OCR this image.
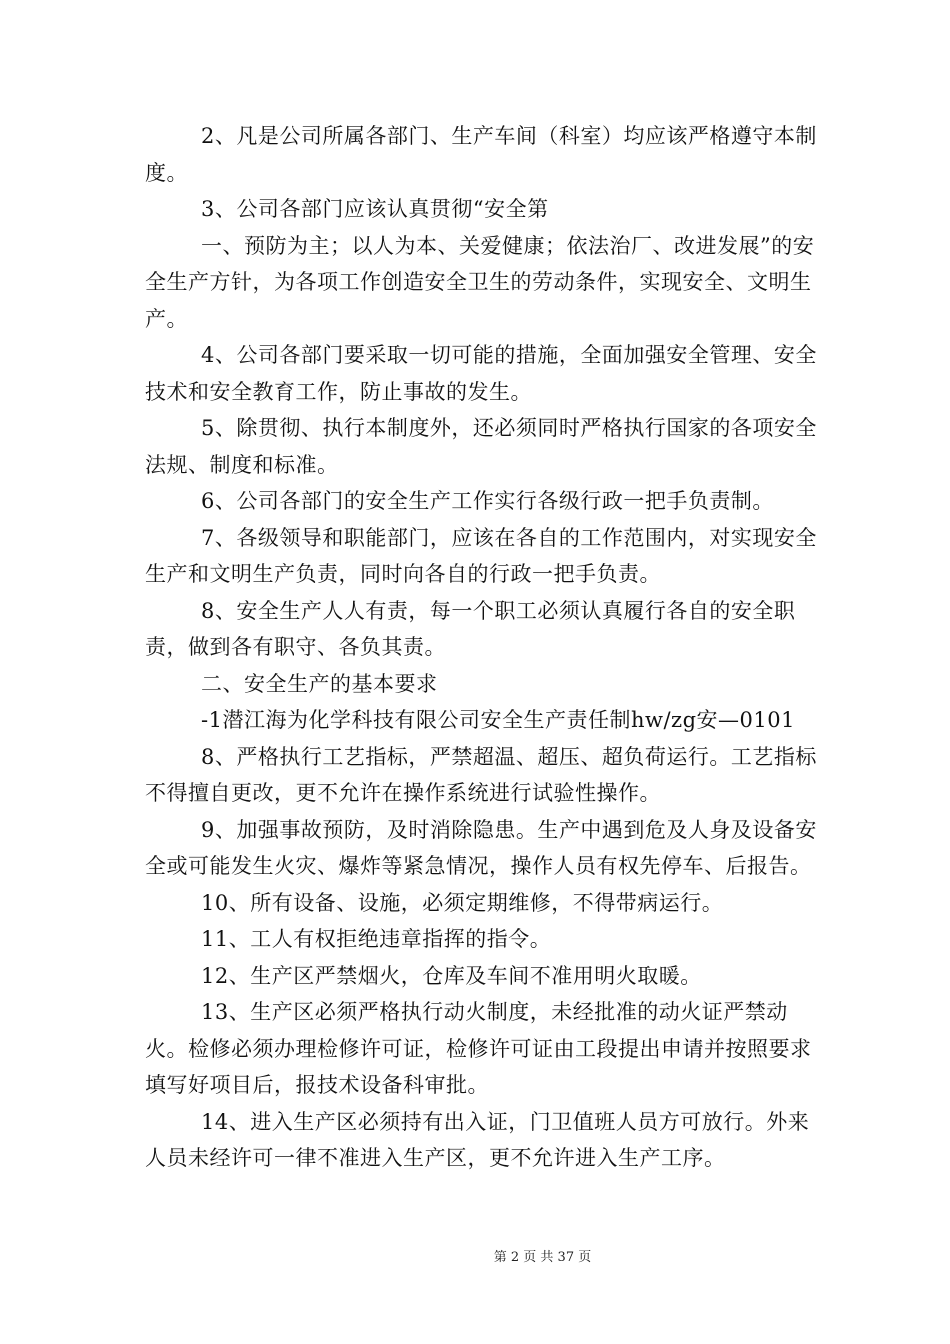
2、凡是公司所属各部门、生产车间（科室）均应该严格遵守本制度。

3、公司各部门应该认真贯彻“安全第

一、预防为主；以人为本、关爱健康；依法治厂、改进发展”的安全生产方针，为各项工作创造安全卫生的劳动条件，实现安全、文明生产。

4、公司各部门要采取一切可能的措施，全面加强安全管理、安全技术和安全教育工作，防止事故的发生。

5、除贯彻、执行本制度外，还必须同时严格执行国家的各项安全法规、制度和标准。

6、公司各部门的安全生产工作实行各级行政一把手负责制。

7、各级领导和职能部门，应该在各自的工作范围内，对实现安全生产和文明生产负责，同时向各自的行政一把手负责。

8、安全生产人人有责，每一个职工必须认真履行各自的安全职责，做到各有职守、各负其责。

二、安全生产的基本要求

-1潜江海为化学科技有限公司安全生产责任制hw/zg安—0101

8、严格执行工艺指标，严禁超温、超压、超负荷运行。工艺指标不得擅自更改，更不允许在操作系统进行试验性操作。

9、加强事故预防，及时消除隐患。生产中遇到危及人身及设备安全或可能发生火灾、爆炸等紧急情况，操作人员有权先停车、后报告。

10、所有设备、设施，必须定期维修，不得带病运行。

11、工人有权拒绝违章指挥的指令。

12、生产区严禁烟火，仓库及车间不准用明火取暖。

13、生产区必须严格执行动火制度，未经批准的动火证严禁动火。检修必须办理检修许可证，检修许可证由工段提出申请并按照要求填写好项目后，报技术设备科审批。

14、进入生产区必须持有出入证，门卫值班人员方可放行。外来人员未经许可一律不准进入生产区，更不允许进入生产工序。

第 2 页 共 37 页
